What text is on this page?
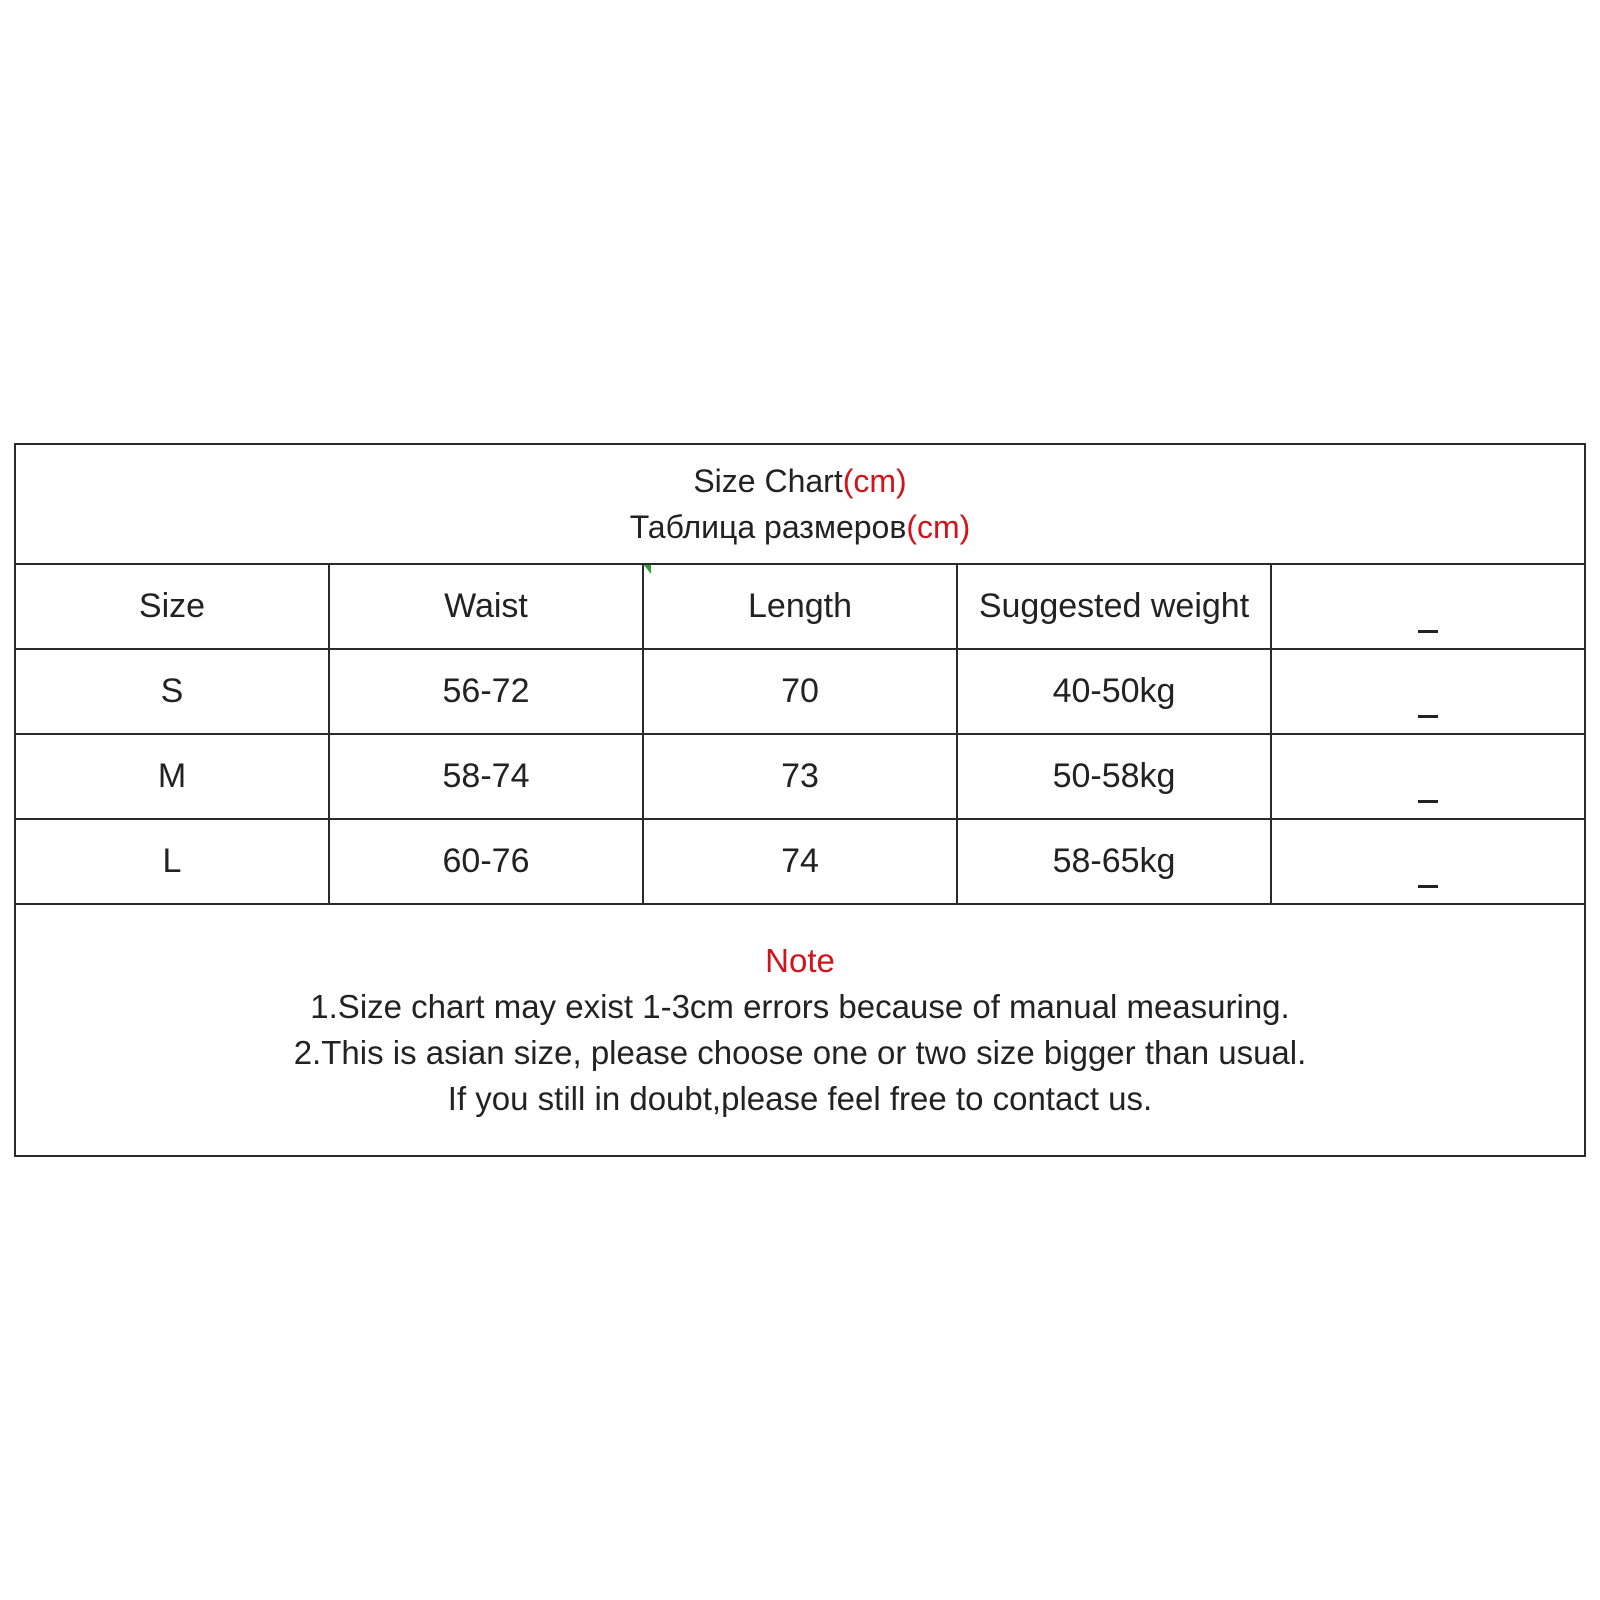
Size Chart(cm)
Таблица размеров(cm)				

Size	Waist	Length	Suggested weight	
S	56-72	70	40-50kg	
M	58-74	73	50-58kg	
L	60-76	74	58-65kg	

Note
1.Size chart may exist 1-3cm errors because of manual measuring.
2.This is asian size, please choose one or two size bigger than usual.
If you still in doubt,please feel free to contact us.				
